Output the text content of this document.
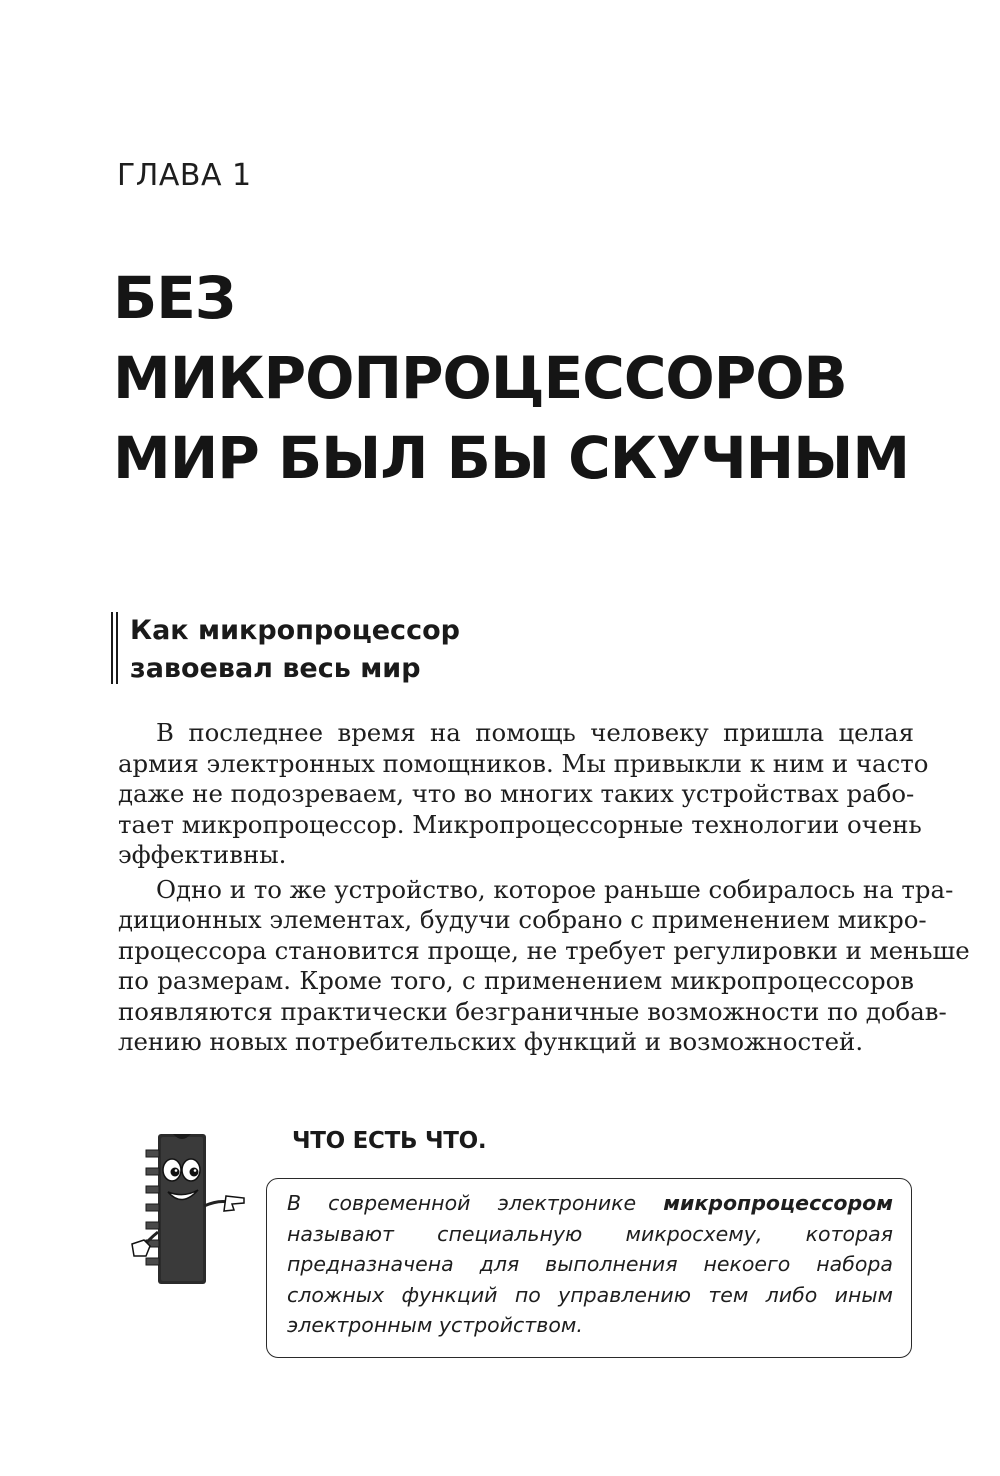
ГЛАВА 1
БЕЗ
МИКРОПРОЦЕССОРОВ
МИР БЫЛ БЫ СКУЧНЫМ
Как микропроцессор
завоевал весь мир
В последнее время на помощь человеку пришла целая
армия электронных помощников. Мы привыкли к ним и часто
даже не подозреваем, что во многих таких устройствах рабо-
тает микропроцессор. Микропроцессорные технологии очень
эффективны.
Одно и то же устройство, которое раньше собиралось на тра-
диционных элементах, будучи собрано с применением микро-
процессора становится проще, не требует регулировки и меньше
по размерам. Кроме того, с применением микропроцессоров
появляются практически безграничные возможности по добав-
лению новых потребительских функций и возможностей.
ЧТО ЕСТЬ ЧТО.
В современной электронике микропроцессором
называют специальную микросхему, которая
предназначена для выполнения некоего набора
сложных функций по управлению тем либо иным
электронным устройством.
